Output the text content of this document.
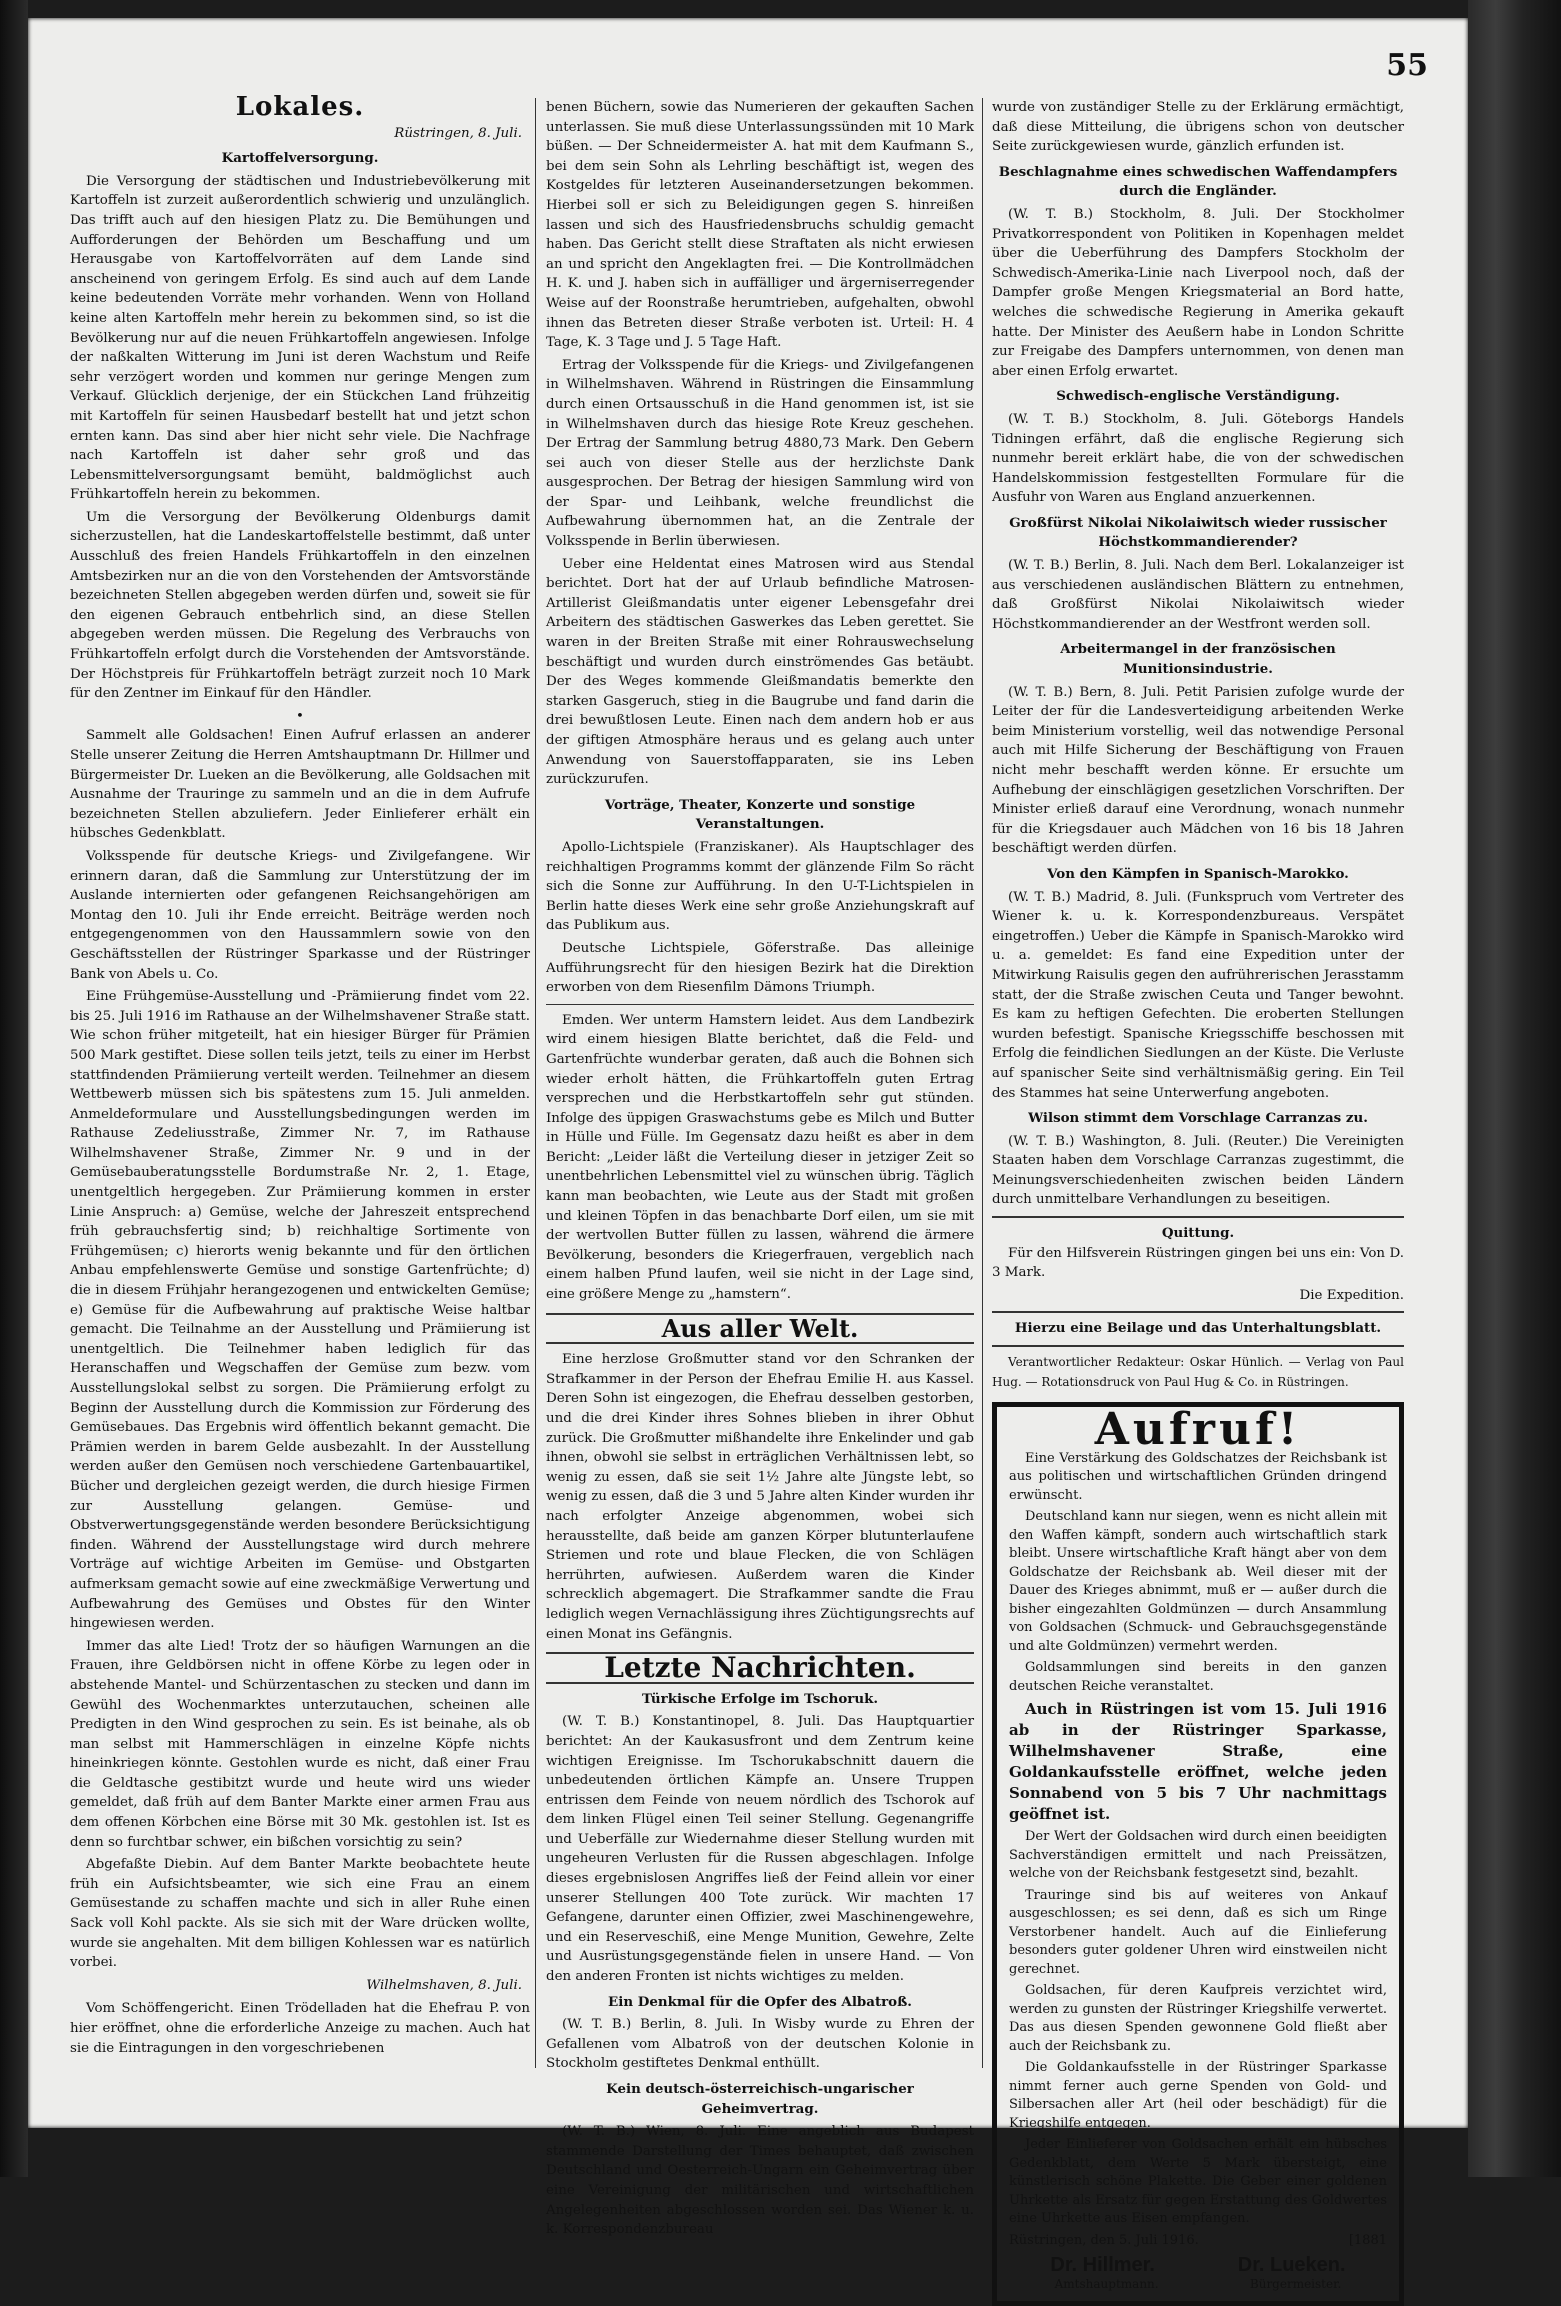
55
Lokales.
Rüstringen, 8. Juli.
Kartoffelversorgung.

Die Versorgung der städtischen und Industriebevölkerung mit Kartoffeln ist zurzeit außerordentlich schwierig und unzulänglich. Das trifft auch auf den hiesigen Platz zu. Die Bemühungen und Aufforderungen der Behörden um Beschaffung und um Herausgabe von Kartoffelvorräten auf dem Lande sind anscheinend von geringem Erfolg. Es sind auch auf dem Lande keine bedeutenden Vorräte mehr vorhanden. Wenn von Holland keine alten Kartoffeln mehr herein zu bekommen sind, so ist die Bevölkerung nur auf die neuen Frühkartoffeln angewiesen. Infolge der naßkalten Witterung im Juni ist deren Wachstum und Reife sehr verzögert worden und kommen nur geringe Mengen zum Verkauf. Glücklich derjenige, der ein Stückchen Land frühzeitig mit Kartoffeln für seinen Hausbedarf bestellt hat und jetzt schon ernten kann. Das sind aber hier nicht sehr viele. Die Nachfrage nach Kartoffeln ist daher sehr groß und das Lebensmittelversorgungsamt bemüht, baldmöglichst auch Frühkartoffeln herein zu bekommen.

Um die Versorgung der Bevölkerung Oldenburgs damit sicherzustellen, hat die Landeskartoffelstelle bestimmt, daß unter Ausschluß des freien Handels Frühkartoffeln in den einzelnen Amtsbezirken nur an die von den Vorstehenden der Amtsvorstände bezeichneten Stellen abgegeben werden dürfen und, soweit sie für den eigenen Gebrauch entbehrlich sind, an diese Stellen abgegeben werden müssen. Die Regelung des Verbrauchs von Frühkartoffeln erfolgt durch die Vorstehenden der Amtsvorstände. Der Höchstpreis für Frühkartoffeln beträgt zurzeit noch 10 Mark für den Zentner im Einkauf für den Händler.

•

Sammelt alle Goldsachen! Einen Aufruf erlassen an anderer Stelle unserer Zeitung die Herren Amtshauptmann Dr. Hillmer und Bürgermeister Dr. Lueken an die Bevölkerung, alle Goldsachen mit Ausnahme der Trauringe zu sammeln und an die in dem Aufrufe bezeichneten Stellen abzuliefern. Jeder Einlieferer erhält ein hübsches Gedenkblatt.

Volksspende für deutsche Kriegs- und Zivilgefangene. Wir erinnern daran, daß die Sammlung zur Unterstützung der im Auslande internierten oder gefangenen Reichsangehörigen am Montag den 10. Juli ihr Ende erreicht. Beiträge werden noch entgegengenommen von den Haussammlern sowie von den Geschäftsstellen der Rüstringer Sparkasse und der Rüstringer Bank von Abels u. Co.

Eine Frühgemüse-Ausstellung und -Prämiierung findet vom 22. bis 25. Juli 1916 im Rathause an der Wilhelmshavener Straße statt. Wie schon früher mitgeteilt, hat ein hiesiger Bürger für Prämien 500 Mark gestiftet. Diese sollen teils jetzt, teils zu einer im Herbst stattfindenden Prämiierung verteilt werden. Teilnehmer an diesem Wettbewerb müssen sich bis spätestens zum 15. Juli anmelden. Anmeldeformulare und Ausstellungsbedingungen werden im Rathause Zedeliusstraße, Zimmer Nr. 7, im Rathause Wilhelmshavener Straße, Zimmer Nr. 9 und in der Gemüsebauberatungsstelle Bordumstraße Nr. 2, 1. Etage, unentgeltlich hergegeben. Zur Prämiierung kommen in erster Linie Anspruch: a) Gemüse, welche der Jahreszeit entsprechend früh gebrauchsfertig sind; b) reichhaltige Sortimente von Frühgemüsen; c) hierorts wenig bekannte und für den örtlichen Anbau empfehlenswerte Gemüse und sonstige Gartenfrüchte; d) die in diesem Frühjahr herangezogenen und entwickelten Gemüse; e) Gemüse für die Aufbewahrung auf praktische Weise haltbar gemacht. Die Teilnahme an der Ausstellung und Prämiierung ist unentgeltlich. Die Teilnehmer haben lediglich für das Heranschaffen und Wegschaffen der Gemüse zum bezw. vom Ausstellungslokal selbst zu sorgen. Die Prämiierung erfolgt zu Beginn der Ausstellung durch die Kommission zur Förderung des Gemüsebaues. Das Ergebnis wird öffentlich bekannt gemacht. Die Prämien werden in barem Gelde ausbezahlt. In der Ausstellung werden außer den Gemüsen noch verschiedene Gartenbauartikel, Bücher und dergleichen gezeigt werden, die durch hiesige Firmen zur Ausstellung gelangen. Gemüse- und Obstverwertungsgegenstände werden besondere Berücksichtigung finden. Während der Ausstellungstage wird durch mehrere Vorträge auf wichtige Arbeiten im Gemüse- und Obstgarten aufmerksam gemacht sowie auf eine zweckmäßige Verwertung und Aufbewahrung des Gemüses und Obstes für den Winter hingewiesen werden.

Immer das alte Lied! Trotz der so häufigen Warnungen an die Frauen, ihre Geldbörsen nicht in offene Körbe zu legen oder in abstehende Mantel- und Schürzentaschen zu stecken und dann im Gewühl des Wochenmarktes unterzutauchen, scheinen alle Predigten in den Wind gesprochen zu sein. Es ist beinahe, als ob man selbst mit Hammerschlägen in einzelne Köpfe nichts hineinkriegen könnte. Gestohlen wurde es nicht, daß einer Frau die Geldtasche gestibitzt wurde und heute wird uns wieder gemeldet, daß früh auf dem Banter Markte einer armen Frau aus dem offenen Körbchen eine Börse mit 30 Mk. gestohlen ist. Ist es denn so furchtbar schwer, ein bißchen vorsichtig zu sein?

Abgefaßte Diebin. Auf dem Banter Markte beobachtete heute früh ein Aufsichtsbeamter, wie sich eine Frau an einem Gemüsestande zu schaffen machte und sich in aller Ruhe einen Sack voll Kohl packte. Als sie sich mit der Ware drücken wollte, wurde sie angehalten. Mit dem billigen Kohlessen war es natürlich vorbei.

Wilhelmshaven, 8. Juli.

Vom Schöffengericht. Einen Trödelladen hat die Ehefrau P. von hier eröffnet, ohne die erforderliche Anzeige zu machen. Auch hat sie die Eintragungen in den vorgeschriebenen

benen Büchern, sowie das Numerieren der gekauften Sachen unterlassen. Sie muß diese Unterlassungssünden mit 10 Mark büßen. — Der Schneidermeister A. hat mit dem Kaufmann S., bei dem sein Sohn als Lehrling beschäftigt ist, wegen des Kostgeldes für letzteren Auseinandersetzungen bekommen. Hierbei soll er sich zu Beleidigungen gegen S. hinreißen lassen und sich des Hausfriedensbruchs schuldig gemacht haben. Das Gericht stellt diese Straftaten als nicht erwiesen an und spricht den Angeklagten frei. — Die Kontrollmädchen H. K. und J. haben sich in auffälliger und ärgerniserregender Weise auf der Roonstraße herumtrieben, aufgehalten, obwohl ihnen das Betreten dieser Straße verboten ist. Urteil: H. 4 Tage, K. 3 Tage und J. 5 Tage Haft.

Ertrag der Volksspende für die Kriegs- und Zivilgefangenen in Wilhelmshaven. Während in Rüstringen die Einsammlung durch einen Ortsausschuß in die Hand genommen ist, ist sie in Wilhelmshaven durch das hiesige Rote Kreuz geschehen. Der Ertrag der Sammlung betrug 4880,73 Mark. Den Gebern sei auch von dieser Stelle aus der herzlichste Dank ausgesprochen. Der Betrag der hiesigen Sammlung wird von der Spar- und Leihbank, welche freundlichst die Aufbewahrung übernommen hat, an die Zentrale der Volksspende in Berlin überwiesen.

Ueber eine Heldentat eines Matrosen wird aus Stendal berichtet. Dort hat der auf Urlaub befindliche Matrosen-Artillerist Gleißmandatis unter eigener Lebensgefahr drei Arbeitern des städtischen Gaswerkes das Leben gerettet. Sie waren in der Breiten Straße mit einer Rohrauswechselung beschäftigt und wurden durch einströmendes Gas betäubt. Der des Weges kommende Gleißmandatis bemerkte den starken Gasgeruch, stieg in die Baugrube und fand darin die drei bewußtlosen Leute. Einen nach dem andern hob er aus der giftigen Atmosphäre heraus und es gelang auch unter Anwendung von Sauerstoffapparaten, sie ins Leben zurückzurufen.

Vorträge, Theater, Konzerte und sonstige Veranstaltungen.

Apollo-Lichtspiele (Franziskaner). Als Hauptschlager des reichhaltigen Programms kommt der glänzende Film So rächt sich die Sonne zur Aufführung. In den U-T-Lichtspielen in Berlin hatte dieses Werk eine sehr große Anziehungskraft auf das Publikum aus.

Deutsche Lichtspiele, Göferstraße. Das alleinige Aufführungsrecht für den hiesigen Bezirk hat die Direktion erworben von dem Riesenfilm Dämons Triumph.

Emden. Wer unterm Hamstern leidet. Aus dem Landbezirk wird einem hiesigen Blatte berichtet, daß die Feld- und Gartenfrüchte wunderbar geraten, daß auch die Bohnen sich wieder erholt hätten, die Frühkartoffeln guten Ertrag versprechen und die Herbstkartoffeln sehr gut stünden. Infolge des üppigen Graswachstums gebe es Milch und Butter in Hülle und Fülle. Im Gegensatz dazu heißt es aber in dem Bericht: „Leider läßt die Verteilung dieser in jetziger Zeit so unentbehrlichen Lebensmittel viel zu wünschen übrig. Täglich kann man beobachten, wie Leute aus der Stadt mit großen und kleinen Töpfen in das benachbarte Dorf eilen, um sie mit der wertvollen Butter füllen zu lassen, während die ärmere Bevölkerung, besonders die Kriegerfrauen, vergeblich nach einem halben Pfund laufen, weil sie nicht in der Lage sind, eine größere Menge zu „hamstern“.

Aus aller Welt.

Eine herzlose Großmutter stand vor den Schranken der Strafkammer in der Person der Ehefrau Emilie H. aus Kassel. Deren Sohn ist eingezogen, die Ehefrau desselben gestorben, und die drei Kinder ihres Sohnes blieben in ihrer Obhut zurück. Die Großmutter mißhandelte ihre Enkelinder und gab ihnen, obwohl sie selbst in erträglichen Verhältnissen lebt, so wenig zu essen, daß sie seit 1½ Jahre alte Jüngste lebt, so wenig zu essen, daß die 3 und 5 Jahre alten Kinder wurden ihr nach erfolgter Anzeige abgenommen, wobei sich herausstellte, daß beide am ganzen Körper blutunterlaufene Striemen und rote und blaue Flecken, die von Schlägen herrührten, aufwiesen. Außerdem waren die Kinder schrecklich abgemagert. Die Strafkammer sandte die Frau lediglich wegen Vernachlässigung ihres Züchtigungsrechts auf einen Monat ins Gefängnis.

Letzte Nachrichten.
Türkische Erfolge im Tschoruk.

(W. T. B.) Konstantinopel, 8. Juli. Das Hauptquartier berichtet: An der Kaukasusfront und dem Zentrum keine wichtigen Ereignisse. Im Tschorukabschnitt dauern die unbedeutenden örtlichen Kämpfe an. Unsere Truppen entrissen dem Feinde von neuem nördlich des Tschorok auf dem linken Flügel einen Teil seiner Stellung. Gegenangriffe und Ueberfälle zur Wiedernahme dieser Stellung wurden mit ungeheuren Verlusten für die Russen abgeschlagen. Infolge dieses ergebnislosen Angriffes ließ der Feind allein vor einer unserer Stellungen 400 Tote zurück. Wir machten 17 Gefangene, darunter einen Offizier, zwei Maschinengewehre, und ein Reserveschiß, eine Menge Munition, Gewehre, Zelte und Ausrüstungsgegenstände fielen in unsere Hand. — Von den anderen Fronten ist nichts wichtiges zu melden.

Ein Denkmal für die Opfer des Albatroß.

(W. T. B.) Berlin, 8. Juli. In Wisby wurde zu Ehren der Gefallenen vom Albatroß von der deutschen Kolonie in Stockholm gestiftetes Denkmal enthüllt.

Kein deutsch-österreichisch-ungarischer Geheimvertrag.

(W. T. B.) Wien, 8. Juli. Eine angeblich aus Budapest stammende Darstellung der Times behauptet, daß zwischen Deutschland und Oesterreich-Ungarn ein Geheimvertrag über eine Vereinigung der militärischen und wirtschaftlichen Angelegenheiten abgeschlossen worden sei. Das Wiener k. u. k. Korrespondenzbureau

wurde von zuständiger Stelle zu der Erklärung ermächtigt, daß diese Mitteilung, die übrigens schon von deutscher Seite zurückgewiesen wurde, gänzlich erfunden ist.

Beschlagnahme eines schwedischen Waffendampfers durch die Engländer.

(W. T. B.) Stockholm, 8. Juli. Der Stockholmer Privatkorrespondent von Politiken in Kopenhagen meldet über die Ueberführung des Dampfers Stockholm der Schwedisch-Amerika-Linie nach Liverpool noch, daß der Dampfer große Mengen Kriegsmaterial an Bord hatte, welches die schwedische Regierung in Amerika gekauft hatte. Der Minister des Aeußern habe in London Schritte zur Freigabe des Dampfers unternommen, von denen man aber einen Erfolg erwartet.

Schwedisch-englische Verständigung.

(W. T. B.) Stockholm, 8. Juli. Göteborgs Handels Tidningen erfährt, daß die englische Regierung sich nunmehr bereit erklärt habe, die von der schwedischen Handelskommission festgestellten Formulare für die Ausfuhr von Waren aus England anzuerkennen.

Großfürst Nikolai Nikolaiwitsch wieder russischer Höchstkommandierender?

(W. T. B.) Berlin, 8. Juli. Nach dem Berl. Lokalanzeiger ist aus verschiedenen ausländischen Blättern zu entnehmen, daß Großfürst Nikolai Nikolaiwitsch wieder Höchstkommandierender an der Westfront werden soll.

Arbeitermangel in der französischen Munitionsindustrie.

(W. T. B.) Bern, 8. Juli. Petit Parisien zufolge wurde der Leiter der für die Landesverteidigung arbeitenden Werke beim Ministerium vorstellig, weil das notwendige Personal auch mit Hilfe Sicherung der Beschäftigung von Frauen nicht mehr beschafft werden könne. Er ersuchte um Aufhebung der einschlägigen gesetzlichen Vorschriften. Der Minister erließ darauf eine Verordnung, wonach nunmehr für die Kriegsdauer auch Mädchen von 16 bis 18 Jahren beschäftigt werden dürfen.

Von den Kämpfen in Spanisch-Marokko.

(W. T. B.) Madrid, 8. Juli. (Funkspruch vom Vertreter des Wiener k. u. k. Korrespondenzbureaus. Verspätet eingetroffen.) Ueber die Kämpfe in Spanisch-Marokko wird u. a. gemeldet: Es fand eine Expedition unter der Mitwirkung Raisulis gegen den aufrührerischen Jerasstamm statt, der die Straße zwischen Ceuta und Tanger bewohnt. Es kam zu heftigen Gefechten. Die eroberten Stellungen wurden befestigt. Spanische Kriegsschiffe beschossen mit Erfolg die feindlichen Siedlungen an der Küste. Die Verluste auf spanischer Seite sind verhältnismäßig gering. Ein Teil des Stammes hat seine Unterwerfung angeboten.

Wilson stimmt dem Vorschlage Carranzas zu.

(W. T. B.) Washington, 8. Juli. (Reuter.) Die Vereinigten Staaten haben dem Vorschlage Carranzas zugestimmt, die Meinungsverschiedenheiten zwischen beiden Ländern durch unmittelbare Verhandlungen zu beseitigen.

Quittung.

Für den Hilfsverein Rüstringen gingen bei uns ein: Von D. 3 Mark.

Die Expedition.
Hierzu eine Beilage und das Unterhaltungsblatt.

Verantwortlicher Redakteur: Oskar Hünlich. — Verlag von Paul Hug. — Rotationsdruck von Paul Hug & Co. in Rüstringen.

Aufruf!

Eine Verstärkung des Goldschatzes der Reichsbank ist aus politischen und wirtschaftlichen Gründen dringend erwünscht.

Deutschland kann nur siegen, wenn es nicht allein mit den Waffen kämpft, sondern auch wirtschaftlich stark bleibt. Unsere wirtschaftliche Kraft hängt aber von dem Goldschatze der Reichsbank ab. Weil dieser mit der Dauer des Krieges abnimmt, muß er — außer durch die bisher eingezahlten Goldmünzen — durch Ansammlung von Goldsachen (Schmuck- und Gebrauchsgegenstände und alte Goldmünzen) vermehrt werden.

Goldsammlungen sind bereits in den ganzen deutschen Reiche veranstaltet.

Auch in Rüstringen ist vom 15. Juli 1916 ab in der Rüstringer Sparkasse, Wilhelmshavener Straße, eine Goldankaufsstelle eröffnet, welche jeden Sonnabend von 5 bis 7 Uhr nachmittags geöffnet ist.

Der Wert der Goldsachen wird durch einen beeidigten Sachverständigen ermittelt und nach Preissätzen, welche von der Reichsbank festgesetzt sind, bezahlt.

Trauringe sind bis auf weiteres von Ankauf ausgeschlossen; es sei denn, daß es sich um Ringe Verstorbener handelt. Auch auf die Einlieferung besonders guter goldener Uhren wird einstweilen nicht gerechnet.

Goldsachen, für deren Kaufpreis verzichtet wird, werden zu gunsten der Rüstringer Kriegshilfe verwertet. Das aus diesen Spenden gewonnene Gold fließt aber auch der Reichsbank zu.

Die Goldankaufsstelle in der Rüstringer Sparkasse nimmt ferner auch gerne Spenden von Gold- und Silbersachen aller Art (heil oder beschädigt) für die Kriegshilfe entgegen.

Jeder Einlieferer von Goldsachen erhält ein hübsches Gedenkblatt, dem Werte 5 Mark übersteigt, eine künstlerisch schöne Plakette. Die Geber einer goldenen Uhrkette als Ersatz für gegen Erstattung des Goldwertes eine Uhrkette aus Eisen empfangen.

Rüstringen, den 5. Juli 1916.	[1881
Dr. Hillmer.	Dr. Lueken.
Amtshauptmann.	Bürgermeister.
